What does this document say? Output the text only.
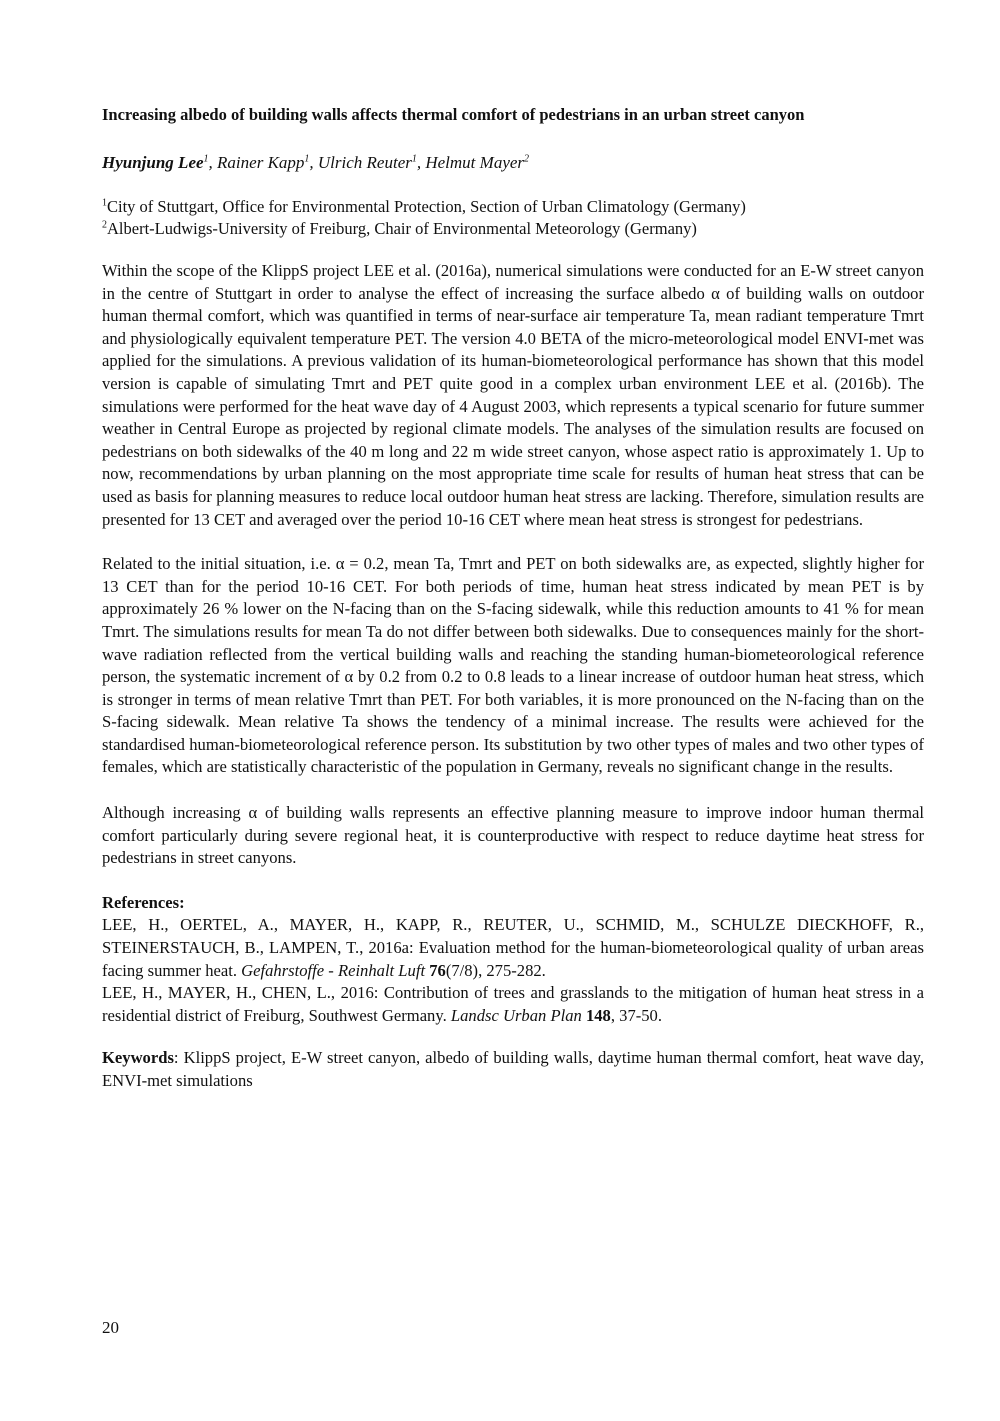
Increasing albedo of building walls affects thermal comfort of pedestrians in an urban street canyon
Hyunjung Lee$^1$, Rainer Kapp$^1$, Ulrich Reuter$^1$, Helmut Mayer$^2$
$^1$City of Stuttgart, Office for Environmental Protection, Section of Urban Climatology (Germany)
$^2$Albert-Ludwigs-University of Freiburg, Chair of Environmental Meteorology (Germany)

Within the scope of the KlippS project LEE et al. (2016a), numerical simulations were conducted for an E-W street canyon in the centre of Stuttgart in order to analyse the effect of increasing the surface albedo α of building walls on outdoor human thermal comfort, which was quantified in terms of near-surface air temperature Ta, mean radiant temperature Tmrt and physiologically equivalent temperature PET. The version 4.0 BETA of the micro-meteorological model ENVI-met was applied for the simulations. A previous validation of its human-biometeorological performance has shown that this model version is capable of simulating Tmrt and PET quite good in a complex urban environment LEE et al. (2016b). The simulations were performed for the heat wave day of 4 August 2003, which represents a typical scenario for future summer weather in Central Europe as projected by regional climate models. The analyses of the simulation results are focused on pedestrians on both sidewalks of the 40 m long and 22 m wide street canyon, whose aspect ratio is approximately 1. Up to now, recommendations by urban planning on the most appropriate time scale for results of human heat stress that can be used as basis for planning measures to reduce local outdoor human heat stress are lacking. Therefore, simulation results are presented for 13 CET and averaged over the period 10-16 CET where mean heat stress is strongest for pedestrians.

Related to the initial situation, i.e. α = 0.2, mean Ta, Tmrt and PET on both sidewalks are, as expected, slightly higher for 13 CET than for the period 10-16 CET. For both periods of time, human heat stress indicated by mean PET is by approximately 26 % lower on the N-facing than on the S-facing sidewalk, while this reduction amounts to 41 % for mean Tmrt. The simulations results for mean Ta do not differ between both sidewalks. Due to consequences mainly for the short-wave radiation reflected from the vertical building walls and reaching the standing human-biometeorological reference person, the systematic increment of α by 0.2 from 0.2 to 0.8 leads to a linear increase of outdoor human heat stress, which is stronger in terms of mean relative Tmrt than PET. For both variables, it is more pronounced on the N-facing than on the S-facing sidewalk. Mean relative Ta shows the tendency of a minimal increase. The results were achieved for the standardised human-biometeorological reference person. Its substitution by two other types of males and two other types of females, which are statistically characteristic of the population in Germany, reveals no significant change in the results.

Although increasing α of building walls represents an effective planning measure to improve indoor human thermal comfort particularly during severe regional heat, it is counterproductive with respect to reduce daytime heat stress for pedestrians in street canyons.

References:

LEE, H., OERTEL, A., MAYER, H., KAPP, R., REUTER, U., SCHMID, M., SCHULZE DIECKHOFF, R., STEINERSTAUCH, B., LAMPEN, T., 2016a: Evaluation method for the human-biometeorological quality of urban areas facing summer heat. Gefahrstoffe - Reinhalt Luft 76(7/8), 275-282.

LEE, H., MAYER, H., CHEN, L., 2016: Contribution of trees and grasslands to the mitigation of human heat stress in a residential district of Freiburg, Southwest Germany. Landsc Urban Plan 148, 37-50.

Keywords: KlippS project, E-W street canyon, albedo of building walls, daytime human thermal comfort, heat wave day, ENVI-met simulations
20
